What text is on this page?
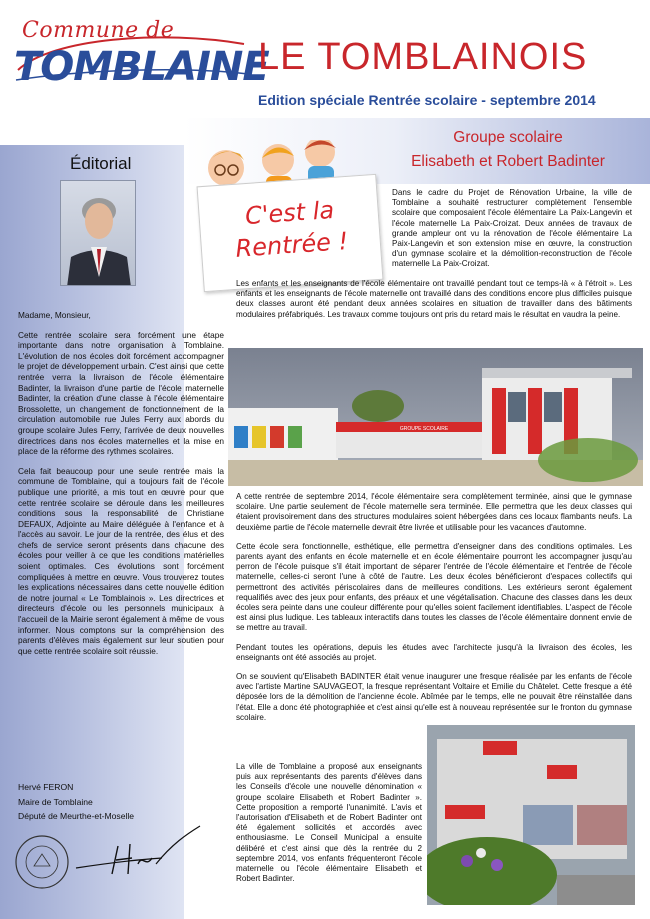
Commune de
TOMBLAINE
LE TOMBLAINOIS
Edition spéciale Rentrée scolaire - septembre 2014
Éditorial

Madame, Monsieur,

Cette rentrée scolaire sera forcément une étape importante dans notre organisation à Tomblaine. L'évolution de nos écoles doit forcément accompagner le projet de développement urbain. C'est ainsi que cette rentrée verra la livraison de l'école élémentaire Badinter, la livraison d'une partie de l'école maternelle Badinter, la création d'une classe à l'école élémentaire Brossolette, un changement de fonctionnement de la circulation automobile rue Jules Ferry aux abords du groupe scolaire Jules Ferry, l'arrivée de deux nouvelles directrices dans nos écoles maternelles et la mise en place de la réforme des rythmes scolaires.

Cela fait beaucoup pour une seule rentrée mais la commune de Tomblaine, qui a toujours fait de l'école publique une priorité, a mis tout en œuvre pour que cette rentrée scolaire se déroule dans les meilleures conditions sous la responsabilité de Christiane DEFAUX, Adjointe au Maire déléguée à l'enfance et à l'accès au savoir. Le jour de la rentrée, des élus et des chefs de service seront présents dans chacune des écoles pour veiller à ce que les conditions matérielles soient optimales. Ces évolutions sont forcément compliquées à mettre en œuvre. Vous trouverez toutes les explications nécessaires dans cette nouvelle édition de notre journal « Le Tomblainois ». Les directrices et directeurs d'école ou les personnels municipaux à l'accueil de la Mairie seront également à même de vous informer. Nous comptons sur la compréhension des parents d'élèves mais également sur leur soutien pour que cette rentrée scolaire soit réussie.

Hervé FERON
Maire de Tomblaine
Député de Meurthe-et-Moselle
Groupe scolaire
Elisabeth et Robert Badinter
C'est la
Rentrée !
Dans le cadre du Projet de Rénovation Urbaine, la ville de Tomblaine a souhaité restructurer complètement l'ensemble scolaire que composaient l'école élémentaire La Paix-Langevin et l'école maternelle La Paix-Croizat. Deux années de travaux de grande ampleur ont vu la rénovation de l'école élémentaire La Paix-Langevin et son extension mise en œuvre, la construction d'un gymnase scolaire et la démolition-reconstruction de l'école maternelle La Paix-Croizat.
Les enfants et les enseignants de l'école élémentaire ont travaillé pendant tout ce temps-là « à l'étroit ». Les enfants et les enseignants de l'école maternelle ont travaillé dans des conditions encore plus difficiles puisque deux classes auront été pendant deux années scolaires en situation de travailler dans des bâtiments modulaires préfabriqués. Les travaux comme toujours ont pris du retard mais le résultat en vaudra la peine.
GROUPE SCOLAIRE

A cette rentrée de septembre 2014, l'école élémentaire sera complètement terminée, ainsi que le gymnase scolaire. Une partie seulement de l'école maternelle sera terminée. Elle permettra que les deux classes qui étaient provisoirement dans des structures modulaires soient hébergées dans ces locaux flambants neufs. La deuxième partie de l'école maternelle devrait être livrée et utilisable pour les vacances d'automne.

Cette école sera fonctionnelle, esthétique, elle permettra d'enseigner dans des conditions optimales. Les parents ayant des enfants en école maternelle et en école élémentaire pourront les accompagner jusqu'au perron de l'école puisque s'il était important de séparer l'entrée de l'école élémentaire et l'entrée de l'école maternelle, celles-ci seront l'une à côté de l'autre. Les deux écoles bénéficieront d'espaces collectifs qui permettront des activités périscolaires dans de meilleures conditions. Les extérieurs seront également requalifiés avec des jeux pour enfants, des préaux et une végétalisation. Chacune des classes dans les deux écoles sera peinte dans une couleur différente pour qu'elles soient facilement identifiables. L'aspect de l'école est ainsi plus ludique. Les tableaux interactifs dans toutes les classes de l'école élémentaire donnent envie de se mettre au travail.

Pendant toutes les opérations, depuis les études avec l'architecte jusqu'à la livraison des écoles, les enseignants ont été associés au projet.

On se souvient qu'Elisabeth BADINTER était venue inaugurer une fresque réalisée par les enfants de l'école avec l'artiste Martine SAUVAGEOT, la fresque représentant Voltaire et Emilie du Châtelet. Cette fresque a été déposée lors de la démolition de l'ancienne école. Abîmée par le temps, elle ne pouvait être réinstallée dans l'état. Elle a donc été photographiée et c'est ainsi qu'elle est à nouveau représentée sur le fronton du gymnase scolaire.

La ville de Tomblaine a proposé aux enseignants puis aux représentants des parents d'élèves dans les Conseils d'école une nouvelle dénomination « groupe scolaire Elisabeth et Robert Badinter ». Cette proposition a remporté l'unanimité. L'avis et l'autorisation d'Elisabeth et de Robert Badinter ont été également sollicités et accordés avec enthousiasme. Le Conseil Municipal a ensuite délibéré et c'est ainsi que dès la rentrée du 2 septembre 2014, vos enfants fréquenteront l'école maternelle ou l'école élémentaire Elisabeth et Robert Badinter.
